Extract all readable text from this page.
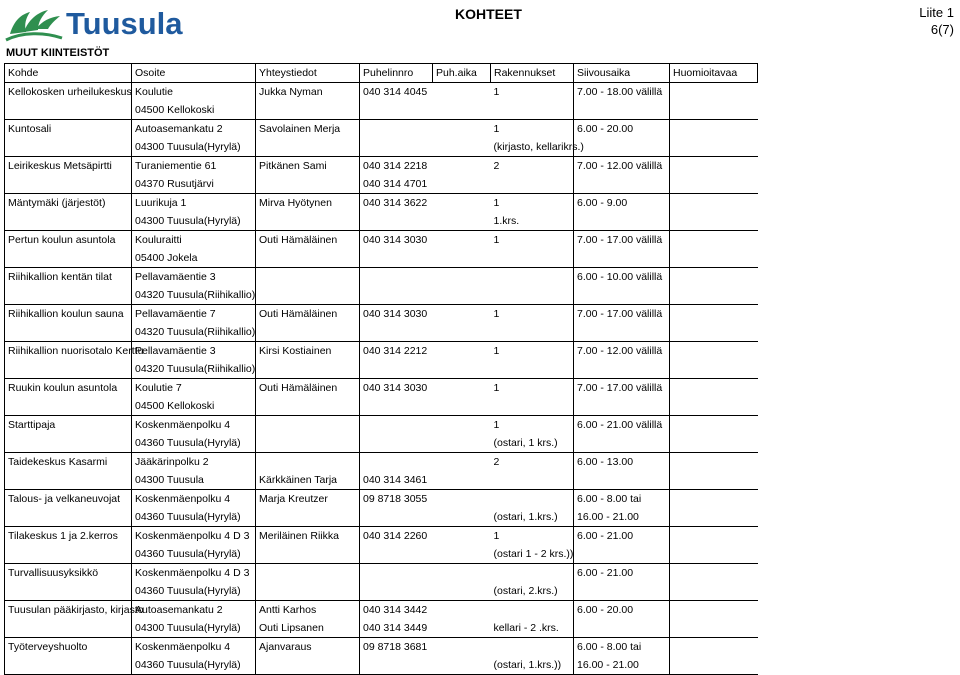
Tuusula	KOHTEET	Liite 1
6(7)
MUUT KIINTEISTÖT
Kohde	Osoite	Yhteystiedot	Puhelinnro	Puh.aika	Rakennukset	Siivousaika	Huomioitavaa
Kellokosken urheilukeskus	Koulutie	Jukka Nyman	040 314 4045		1	7.00 - 18.00 välillä	
	04500 Kellokoski						
Kuntosali	Autoasemankatu 2	Savolainen Merja			1	6.00 - 20.00	
	04300 Tuusula(Hyrylä)				(kirjasto, kellarikrs.)		
Leirikeskus Metsäpirtti	Turaniementie 61	Pitkänen Sami	040 314 2218		2	7.00 - 12.00 välillä	
	04370 Rusutjärvi		040 314 4701				
Mäntymäki (järjestöt)	Luurikuja 1	Mirva Hyötynen	040 314 3622		1	6.00 - 9.00	
	04300 Tuusula(Hyrylä)				1.krs.		
Pertun koulun asuntola	Kouluraitti	Outi Hämäläinen	040 314 3030		1	7.00 - 17.00 välillä	
	05400 Jokela						
Riihikallion kentän tilat	Pellavamäentie 3					6.00 - 10.00 välillä	
	04320 Tuusula(Riihikallio)						
Riihikallion koulun sauna	Pellavamäentie 7	Outi Hämäläinen	040 314 3030		1	7.00 - 17.00 välillä	
	04320 Tuusula(Riihikallio)						
Riihikallion nuorisotalo Kerttu	Pellavamäentie 3	Kirsi Kostiainen	040 314 2212		1	7.00 - 12.00 välillä	
	04320 Tuusula(Riihikallio)						
Ruukin koulun asuntola	Koulutie 7	Outi Hämäläinen	040 314 3030		1	7.00 - 17.00 välillä	
	04500 Kellokoski						
Starttipaja	Koskenmäenpolku 4				1	6.00 - 21.00 välillä	
	04360 Tuusula(Hyrylä)				(ostari, 1 krs.)		
Taidekeskus Kasarmi	Jääkärinpolku 2				2	6.00 - 13.00	
	04300 Tuusula	Kärkkäinen Tarja	040 314 3461				
Talous- ja velkaneuvojat	Koskenmäenpolku 4	Marja Kreutzer	09 8718 3055			6.00 - 8.00 tai	
	04360 Tuusula(Hyrylä)				(ostari, 1.krs.)	16.00 - 21.00	
Tilakeskus 1 ja 2.kerros	Koskenmäenpolku 4 D 3	Meriläinen Riikka	040 314 2260		1	6.00 - 21.00	
	04360 Tuusula(Hyrylä)				(ostari 1 - 2 krs.))		
Turvallisuusyksikkö	Koskenmäenpolku 4 D 3					6.00 - 21.00	
	04360 Tuusula(Hyrylä)				(ostari, 2.krs.)		
Tuusulan pääkirjasto, kirjasto	Autoasemankatu 2	Antti Karhos	040 314 3442			6.00 - 20.00	
	04300 Tuusula(Hyrylä)	Outi Lipsanen	040 314 3449		kellari - 2 .krs.		
Työterveyshuolto	Koskenmäenpolku 4	Ajanvaraus	09 8718 3681			6.00 - 8.00 tai	
	04360 Tuusula(Hyrylä)				(ostari, 1.krs.))	16.00 - 21.00	
